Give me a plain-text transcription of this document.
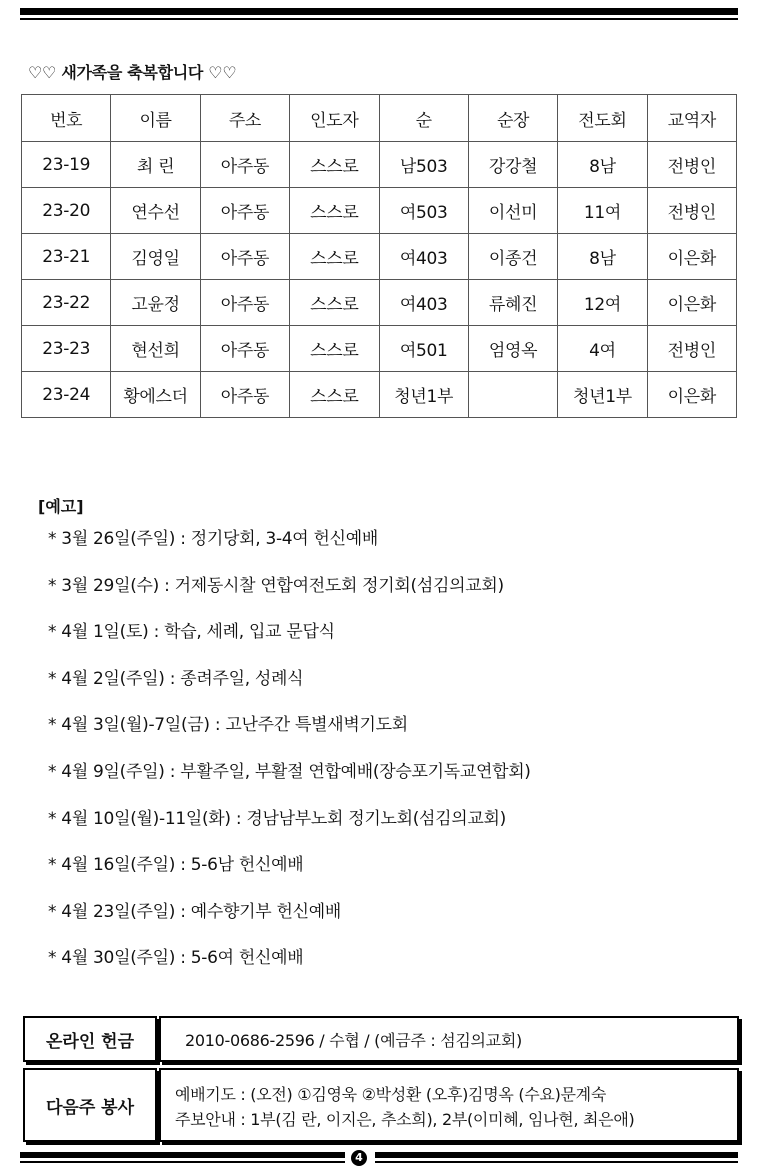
♡♡ 새가족을 축복합니다 ♡♡
번호	이름	주소	인도자	순	순장	전도회	교역자
23-19	최 린	아주동	스스로	남503	강강철	8남	전병인
23-20	연수선	아주동	스스로	여503	이선미	11여	전병인
23-21	김영일	아주동	스스로	여403	이종건	8남	이은화
23-22	고윤정	아주동	스스로	여403	류혜진	12여	이은화
23-23	현선희	아주동	스스로	여501	엄영옥	4여	전병인
23-24	황에스더	아주동	스스로	청년1부		청년1부	이은화
[예고]
* 3월 26일(주일) : 정기당회, 3-4여 헌신예배
* 3월 29일(수) : 거제동시찰 연합여전도회 정기회(섬김의교회)
* 4월 1일(토) : 학습, 세례, 입교 문답식
* 4월 2일(주일) : 종려주일, 성례식
* 4월 3일(월)-7일(금) : 고난주간 특별새벽기도회
* 4월 9일(주일) : 부활주일, 부활절 연합예배(장승포기독교연합회)
* 4월 10일(월)-11일(화) : 경남남부노회 정기노회(섬김의교회)
* 4월 16일(주일) : 5-6남 헌신예배
* 4월 23일(주일) : 예수향기부 헌신예배
* 4월 30일(주일) : 5-6여 헌신예배
온라인 헌금	2010-0686-2596 / 수협 / (예금주 : 섬김의교회)
다음주 봉사
예배기도 : (오전) ①김영욱 ②박성환 (오후)김명옥 (수요)문계숙
주보안내 : 1부(김 란, 이지은, 추소희), 2부(이미혜, 임나현, 최은애)
4
